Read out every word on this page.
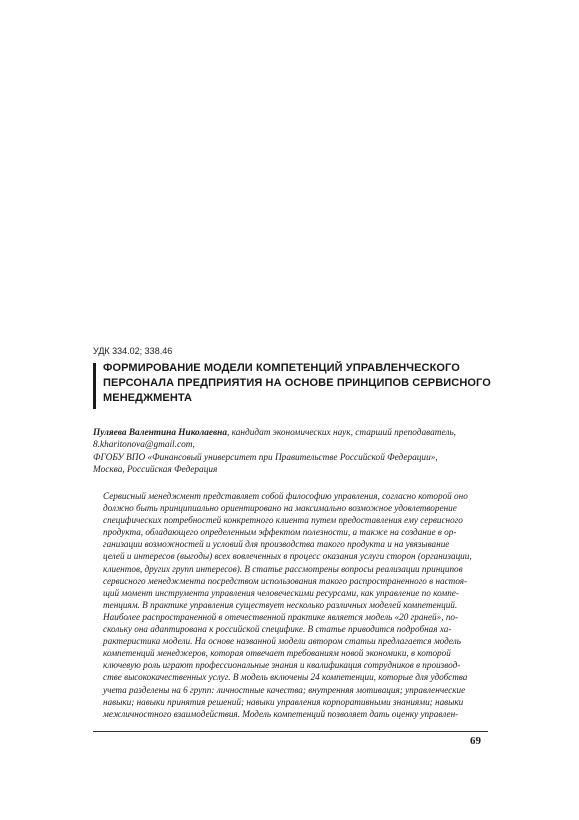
УДК 334.02; 338.46
ФОРМИРОВАНИЕ МОДЕЛИ КОМПЕТЕНЦИЙ УПРАВЛЕНЧЕСКОГО
ПЕРСОНАЛА ПРЕДПРИЯТИЯ НА ОСНОВЕ ПРИНЦИПОВ СЕРВИСНОГО
МЕНЕДЖМЕНТА
Пуляева Валентина Николаевна, кандидат экономических наук, старший преподаватель,
8.kharitonova@gmail.com,
ФГОБУ ВПО «Финансовый университет при Правительстве Российской Федерации»,
Москва, Российская Федерация
Сервисный менеджмент представляет собой философию управления, согласно которой оно
должно быть принципиально ориентировано на максимально возможное удовлетворение
специфических потребностей конкретного клиента путем предоставления ему сервисного
продукта, обладающего определенным эффектом полезности, а также на создание в ор-
ганизации возможностей и условий для производства такого продукта и на увязывание
целей и интересов (выгоды) всех вовлеченных в процесс оказания услуги сторон (организации,
клиентов, других групп интересов). В статье рассмотрены вопросы реализации принципов
сервисного менеджмента посредством использования такого распространенного в настоя-
щий момент инструмента управления человеческими ресурсами, как управление по компе-
тенциям. В практике управления существует несколько различных моделей компетенций.
Наиболее распространенной в отечественной практике является модель «20 граней», по-
скольку она адаптирована к российской специфике. В статье приводится подробная ха-
рактеристика модели. На основе названной модели автором статьи предлагается модель
компетенций менеджеров, которая отвечает требованиям новой экономики, в которой
ключевую роль играют профессиональные знания и квалификация сотрудников в производ-
стве высококачественных услуг. В модель включены 24 компетенции, которые для удобства
учета разделены на 6 групп: личностные качества; внутренняя мотивация; управленческие
навыки; навыки принятия решений; навыки управления корпоративными знаниями; навыки
межличностного взаимодействия. Модель компетенций позволяет дать оценку управлен-
69
